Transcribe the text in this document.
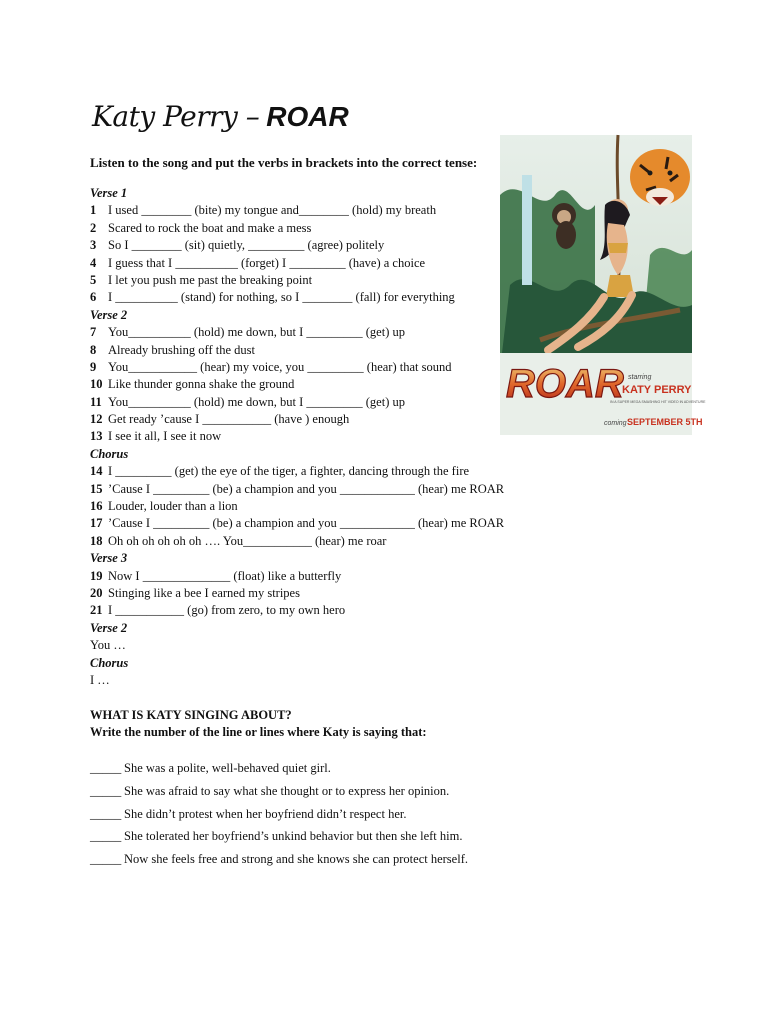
Katy Perry – ROAR
Listen to the song and put the verbs in brackets into the correct tense:
Verse 1
1 I used ________ (bite) my tongue and________ (hold) my breath
2 Scared to rock the boat and make a mess
3 So I ________ (sit) quietly, _________ (agree) politely
4 I guess that I __________ (forget) I _________ (have) a choice
5 I let you push me past the breaking point
6 I __________ (stand) for nothing, so I ________ (fall) for everything
Verse 2
7 You__________ (hold) me down, but I _________ (get) up
8 Already brushing off the dust
9 You___________ (hear) my voice, you _________ (hear) that sound
10 Like thunder gonna shake the ground
11 You__________ (hold) me down, but I _________ (get) up
12 Get ready ’cause I ___________ (have ) enough
13 I see it all, I see it now
Chorus
14 I _________ (get) the eye of the tiger, a fighter, dancing through the fire
15 ’Cause I _________ (be) a champion and you ____________ (hear) me ROAR
16 Louder, louder than a lion
17 ’Cause I _________ (be) a champion and you ____________ (hear) me ROAR
18 Oh oh oh oh oh oh …. You___________ (hear) me roar
Verse 3
19 Now I ______________ (float) like a butterfly
20 Stinging like a bee I earned my stripes
21 I ___________ (go) from zero, to my own hero
Verse 2
You …
Chorus
I …
WHAT IS KATY SINGING ABOUT?
Write the number of the line or lines where Katy is saying that:
_____ She was a polite, well-behaved quiet girl.
_____ She was afraid to say what she thought or to express her opinion.
_____ She didn’t protest when her boyfriend didn’t respect her.
_____ She tolerated her boyfriend’s unkind behavior but then she left him.
_____ Now she feels free and strong and she knows she can protect herself.
ROAR starring
KATY PERRY
IN A SUPER MEGA SMASHING HIT VIDEO IN ADVENTURE
coming SEPTEMBER 5TH
